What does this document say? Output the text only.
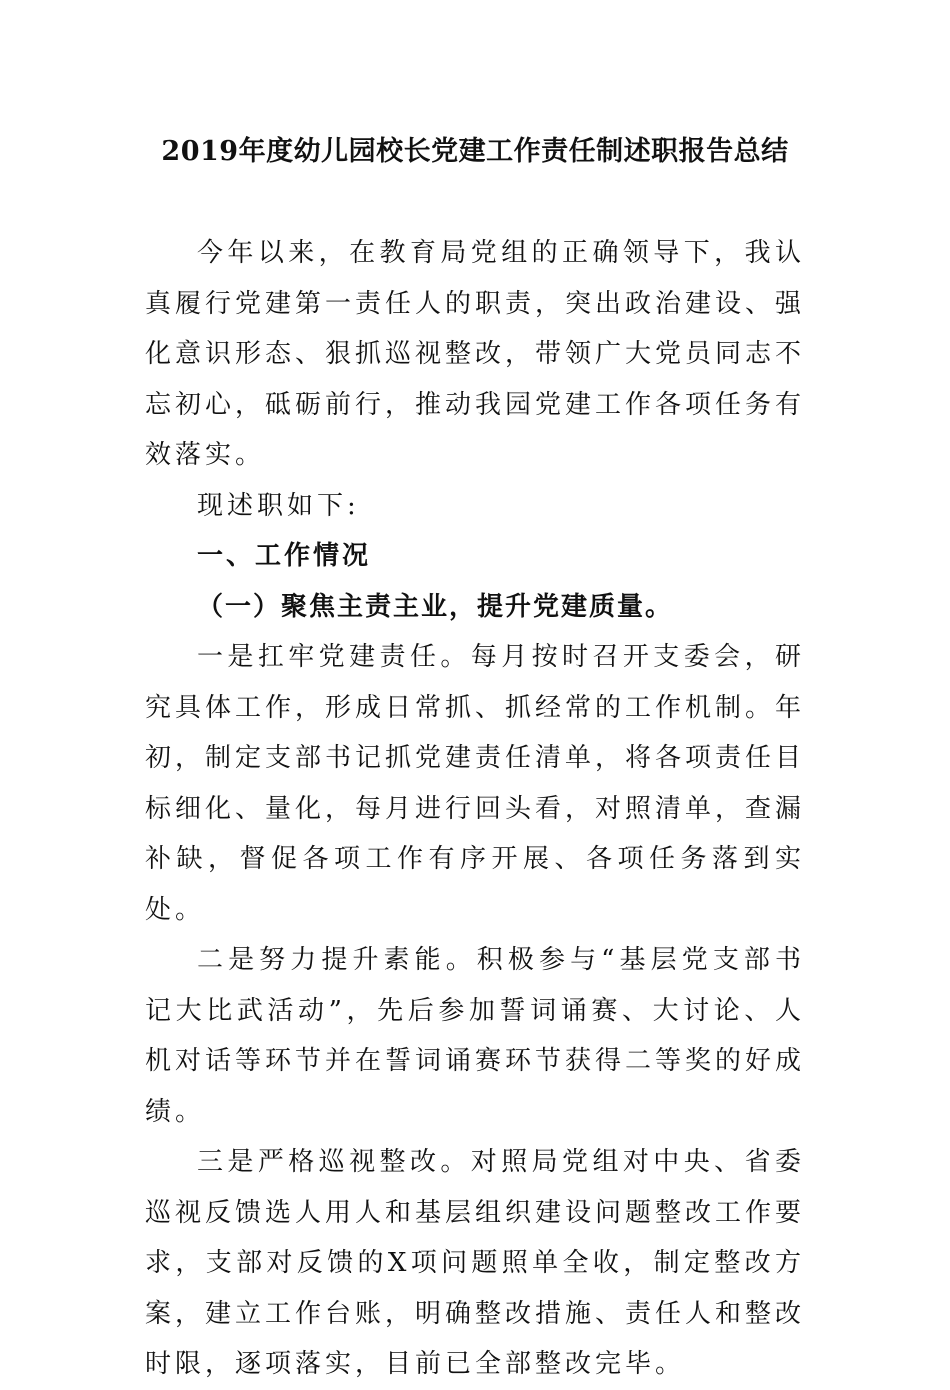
2019年度幼儿园校长党建工作责任制述职报告总结

今年以来，在教育局党组的正确领导下，我认真履行党建第一责任人的职责，突出政治建设、强化意识形态、狠抓巡视整改，带领广大党员同志不忘初心，砥砺前行，推动我园党建工作各项任务有效落实。

现述职如下:

一、工作情况

（一）聚焦主责主业，提升党建质量。

一是扛牢党建责任。每月按时召开支委会，研究具体工作，形成日常抓、抓经常的工作机制。年初，制定支部书记抓党建责任清单，将各项责任目标细化、量化，每月进行回头看，对照清单，查漏补缺，督促各项工作有序开展、各项任务落到实处。

二是努力提升素能。积极参与“基层党支部书记大比武活动”，先后参加誓词诵赛、大讨论、人机对话等环节并在誓词诵赛环节获得二等奖的好成绩。

三是严格巡视整改。对照局党组对中央、省委巡视反馈选人用人和基层组织建设问题整改工作要求，支部对反馈的X项问题照单全收，制定整改方案，建立工作台账，明确整改措施、责任人和整改时限，逐项落实，目前已全部整改完毕。
